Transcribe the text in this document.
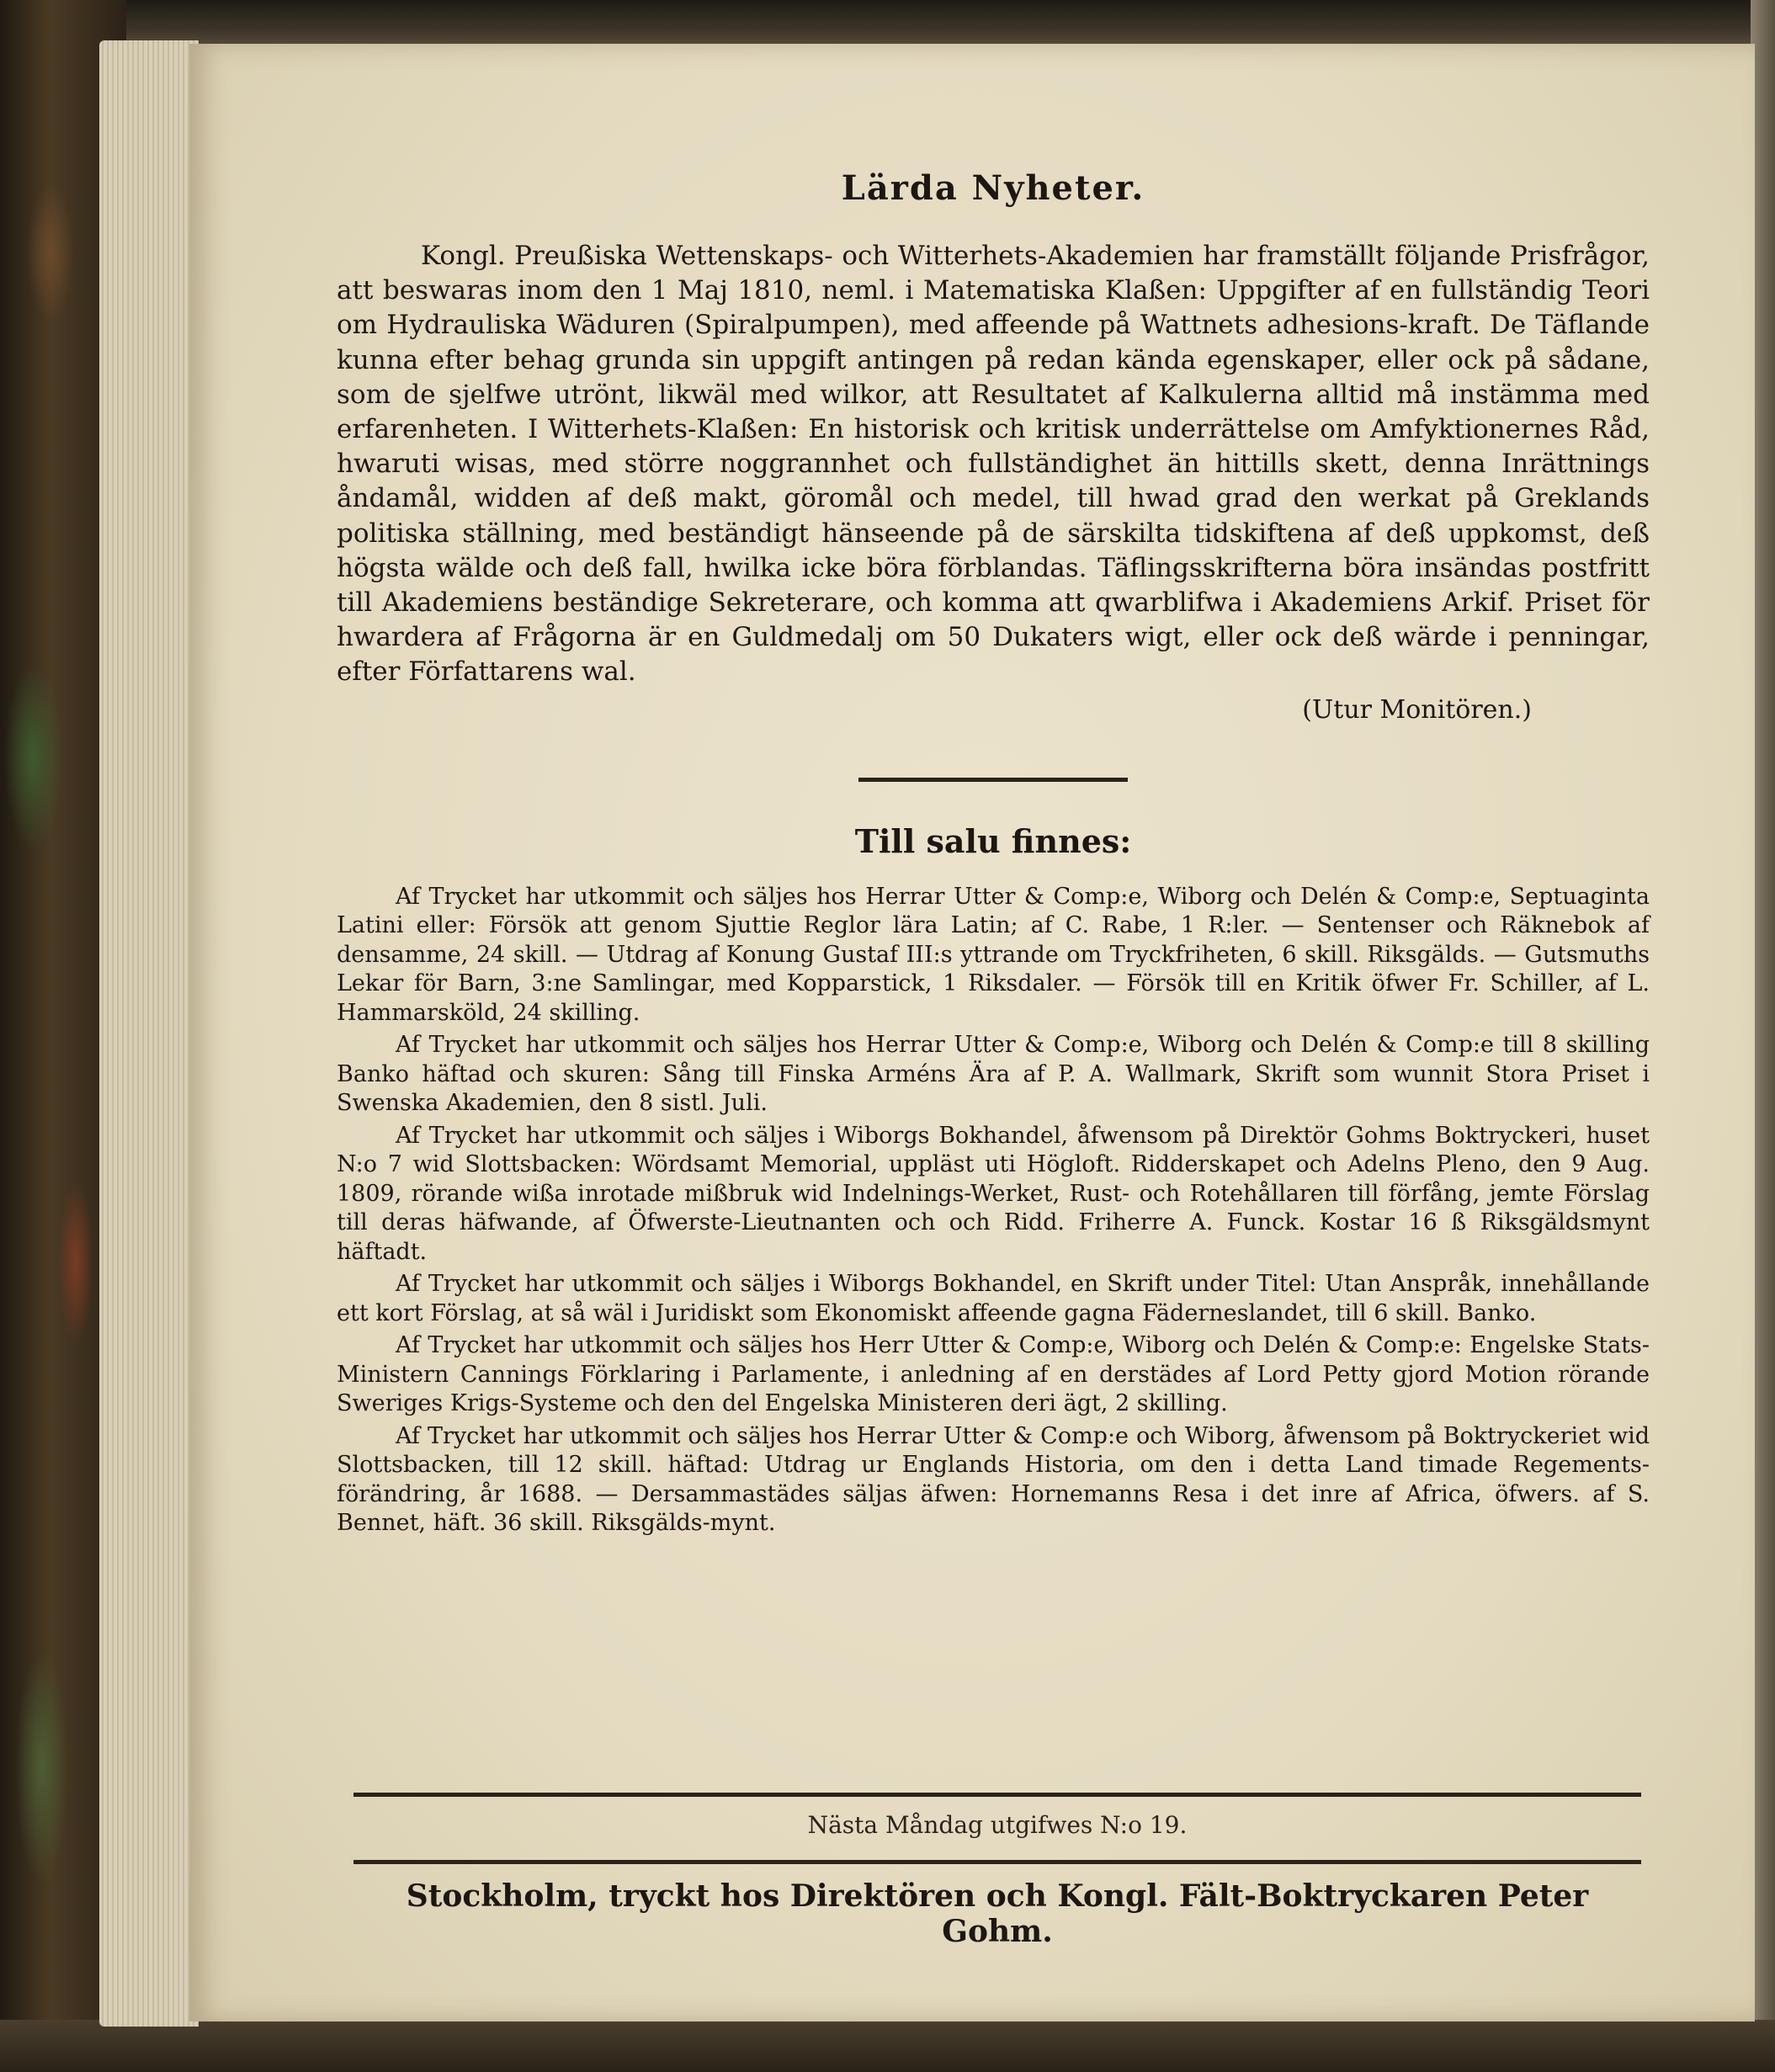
Lärda Nyheter.

Kongl. Preußiska Wettenskaps- och Witterhets-Akademien har framställt följande Prisfrågor, att beswaras inom den 1 Maj 1810, neml. i Matematiska Klaßen: Uppgifter af en fullständig Teori om Hydrauliska Wäduren (Spiralpumpen), med affeende på Wattnets adhesions-kraft. De Täflande kunna efter behag grunda sin uppgift antingen på redan kända egenskaper, eller ock på sådane, som de sjelfwe utrönt, likwäl med wilkor, att Resultatet af Kalkulerna alltid må instämma med erfarenheten. I Witterhets-Klaßen: En historisk och kritisk underrättelse om Amfyktionernes Råd, hwaruti wisas, med större noggrannhet och fullständighet än hittills skett, denna Inrättnings åndamål, widden af deß makt, göromål och medel, till hwad grad den werkat på Greklands politiska ställning, med beständigt hänseende på de särskilta tidskiftena af deß uppkomst, deß högsta wälde och deß fall, hwilka icke böra förblandas. Täflingsskrifterna böra insändas postfritt till Akademiens beständige Sekreterare, och komma att qwarblifwa i Akademiens Arkif. Priset för hwardera af Frågorna är en Guldmedalj om 50 Dukaters wigt, eller ock deß wärde i penningar, efter Författarens wal.

(Utur Monitören.)
Till salu finnes:

Af Trycket har utkommit och säljes hos Herrar Utter & Comp:e, Wiborg och Delén & Comp:e, Septuaginta Latini eller: Försök att genom Sjuttie Reglor lära Latin; af C. Rabe, 1 R:ler. — Sentenser och Räknebok af densamme, 24 skill. — Utdrag af Konung Gustaf III:s yttrande om Tryckfriheten, 6 skill. Riksgälds. — Gutsmuths Lekar för Barn, 3:ne Samlingar, med Kopparstick, 1 Riksdaler. — Försök till en Kritik öfwer Fr. Schiller, af L. Hammarsköld, 24 skilling.

Af Trycket har utkommit och säljes hos Herrar Utter & Comp:e, Wiborg och Delén & Comp:e till 8 skilling Banko häftad och skuren: Sång till Finska Arméns Ära af P. A. Wallmark, Skrift som wunnit Stora Priset i Swenska Akademien, den 8 sistl. Juli.

Af Trycket har utkommit och säljes i Wiborgs Bokhandel, åfwensom på Direktör Gohms Boktryckeri, huset N:o 7 wid Slottsbacken: Wördsamt Memorial, uppläst uti Högloft. Ridderskapet och Adelns Pleno, den 9 Aug. 1809, rörande wißa inrotade mißbruk wid Indelnings-Werket, Rust- och Rotehållaren till förfång, jemte Förslag till deras häfwande, af Öfwerste-Lieutnanten och och Ridd. Friherre A. Funck. Kostar 16 ß Riksgäldsmynt häftadt.

Af Trycket har utkommit och säljes i Wiborgs Bokhandel, en Skrift under Titel: Utan Anspråk, innehållande ett kort Förslag, at så wäl i Juridiskt som Ekonomiskt affeende gagna Fäderneslandet, till 6 skill. Banko.

Af Trycket har utkommit och säljes hos Herr Utter & Comp:e, Wiborg och Delén & Comp:e: Engelske Stats-Ministern Cannings Förklaring i Parlamente, i anledning af en derstädes af Lord Petty gjord Motion rörande Sweriges Krigs-Systeme och den del Engelska Ministeren deri ägt, 2 skilling.

Af Trycket har utkommit och säljes hos Herrar Utter & Comp:e och Wiborg, åfwensom på Boktryckeriet wid Slottsbacken, till 12 skill. häftad: Utdrag ur Englands Historia, om den i detta Land timade Regements-förändring, år 1688. — Dersammastädes säljas äfwen: Hornemanns Resa i det inre af Africa, öfwers. af S. Bennet, häft. 36 skill. Riksgälds-mynt.

Nästa Måndag utgifwes N:o 19.
Stockholm, tryckt hos Direktören och Kongl. Fält-Boktryckaren Peter Gohm.
